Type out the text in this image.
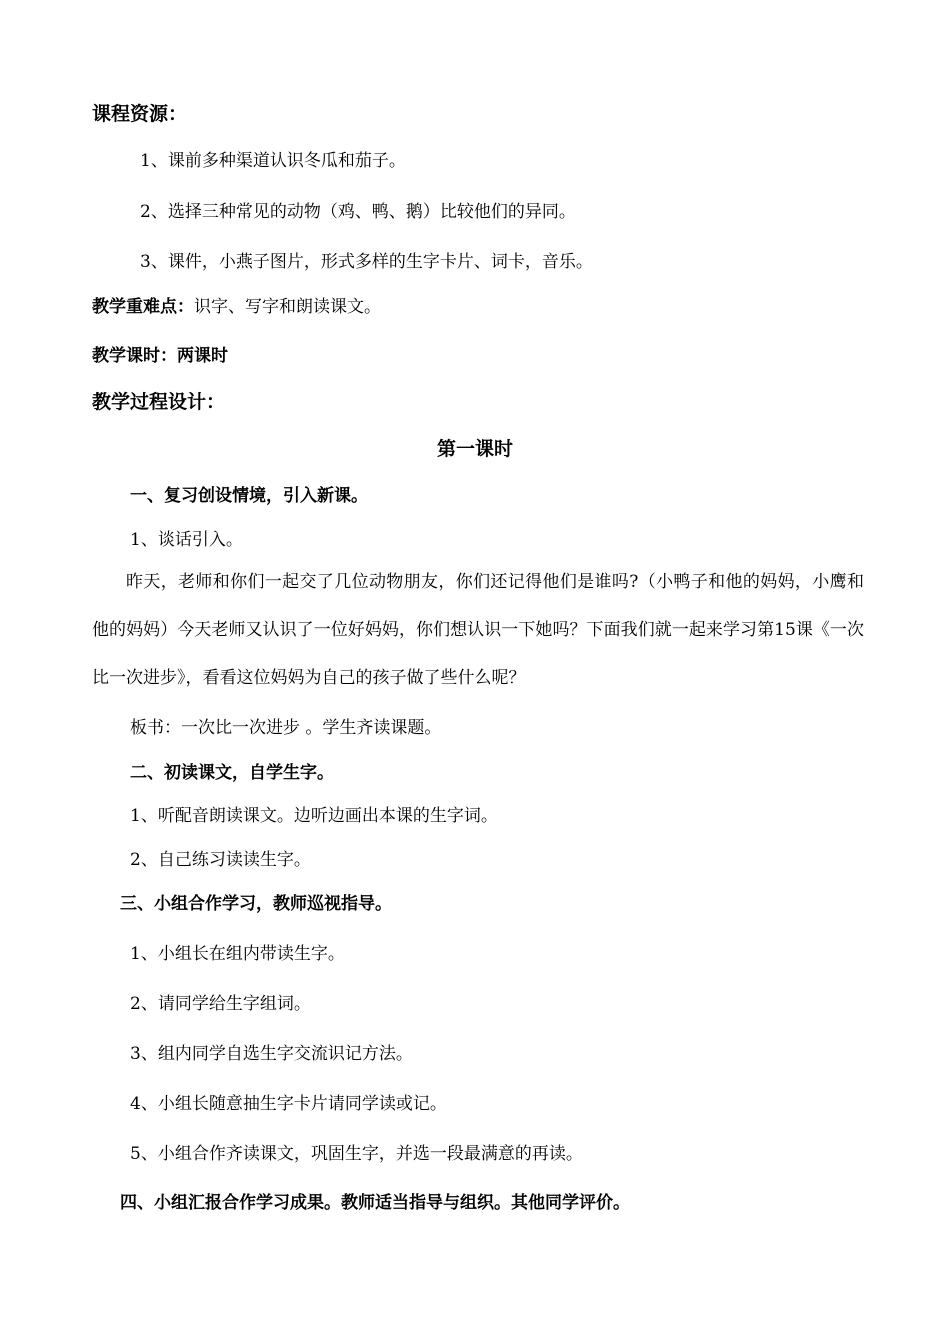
课程资源：
1、课前多种渠道认识冬瓜和茄子。
2、选择三种常见的动物（鸡、鸭、鹅）比较他们的异同。
3、课件，小燕子图片，形式多样的生字卡片、词卡，音乐。
教学重难点：识字、写字和朗读课文。
教学课时：两课时
教学过程设计：
第一课时
一、复习创设情境，引入新课。
1、谈话引入。
昨天，老师和你们一起交了几位动物朋友，你们还记得他们是谁吗?（小鸭子和他的妈妈，小鹰和他的妈妈）今天老师又认识了一位好妈妈，你们想认识一下她吗？下面我们就一起来学习第15课《一次比一次进步》，看看这位妈妈为自己的孩子做了些什么呢？
板书：一次比一次进步 。学生齐读课题。
二、初读课文，自学生字。
1、听配音朗读课文。边听边画出本课的生字词。
2、自己练习读读生字。
三、小组合作学习，教师巡视指导。
1、小组长在组内带读生字。
2、请同学给生字组词。
3、组内同学自选生字交流识记方法。
4、小组长随意抽生字卡片请同学读或记。
5、小组合作齐读课文，巩固生字，并选一段最满意的再读。
四、小组汇报合作学习成果。教师适当指导与组织。其他同学评价。
